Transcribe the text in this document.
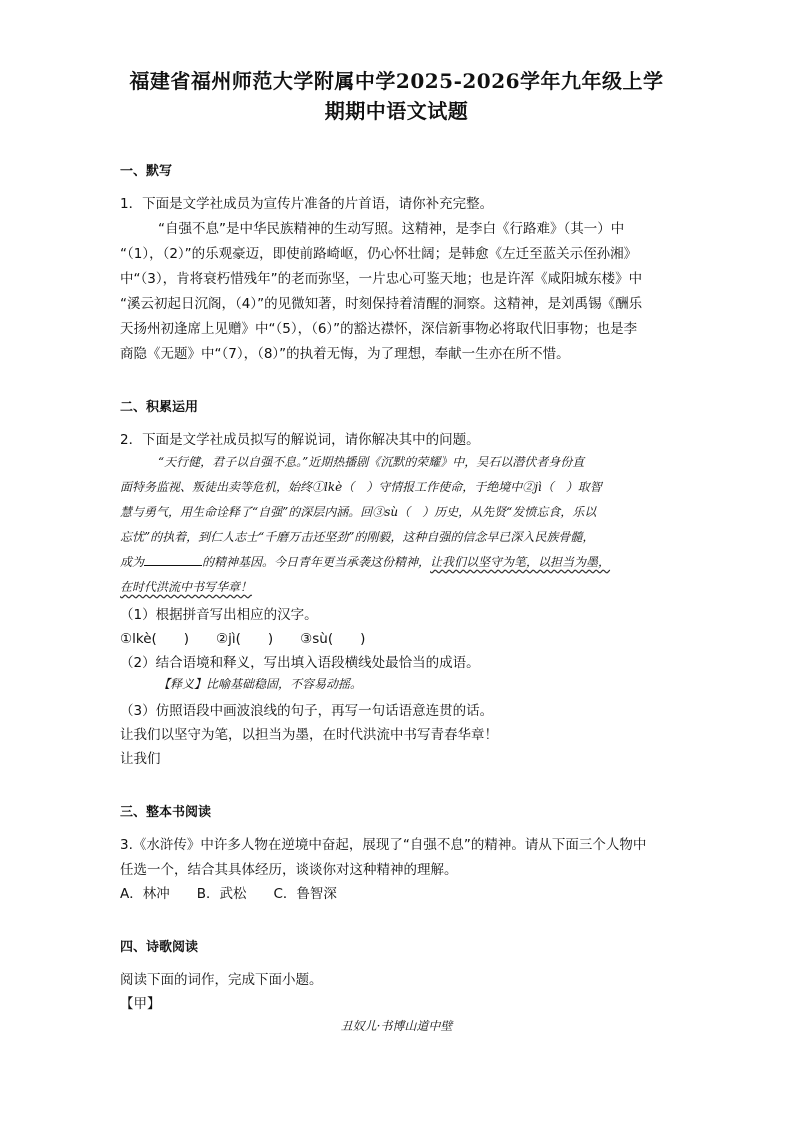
福建省福州师范大学附属中学2025-2026学年九年级上学
期期中语文试题
一、默写
1．下面是文学社成员为宣传片准备的片首语，请你补充完整。
“自强不息”是中华民族精神的生动写照。这精神，是李白《行路难》（其一）中
“（1），（2）”的乐观豪迈，即使前路崎岖，仍心怀壮阔；是韩愈《左迁至蓝关示侄孙湘》
中“（3），肯将衰朽惜残年”的老而弥坚，一片忠心可鉴天地；也是许浑《咸阳城东楼》中
“溪云初起日沉阁，（4）”的见微知著，时刻保持着清醒的洞察。这精神，是刘禹锡《酬乐
天扬州初逢席上见赠》中“（5），（6）”的豁达襟怀，深信新事物必将取代旧事物；也是李
商隐《无题》中“（7），（8）”的执着无悔，为了理想，奉献一生亦在所不惜。
二、积累运用
2．下面是文学社成员拟写的解说词，请你解决其中的问题。
“天行健，君子以自强不息。”近期热播剧《沉默的荣耀》中，吴石以潜伏者身份直
面特务监视、叛徒出卖等危机，始终①lkè（　）守情报工作使命，于绝境中②jì（　）取智
慧与勇气，用生命诠释了“自强”的深层内涵。回③sù（　）历史，从先贤“发愤忘食，乐以
忘忧”的执着，到仁人志士“千磨万击还坚劲”的刚毅，这种自强的信念早已深入民族骨髓，
成为	的精神基因。今日青年更当承袭这份精神，让我们以坚守为笔，以担当为墨，
在时代洪流中书写华章！
（1）根据拼音写出相应的汉字。
①lkè(　　)　　②jì(　　)　　③sù(　　)
（2）结合语境和释义，写出填入语段横线处最恰当的成语。
【释义】比喻基础稳固，不容易动摇。
（3）仿照语段中画波浪线的句子，再写一句话语意连贯的话。
让我们以坚守为笔，以担当为墨，在时代洪流中书写青春华章！
让我们
三、整本书阅读
3.《水浒传》中许多人物在逆境中奋起，展现了“自强不息”的精神。请从下面三个人物中
任选一个，结合其具体经历，谈谈你对这种精神的理解。
A．林冲　　B．武松　　C．鲁智深
四、诗歌阅读
阅读下面的词作，完成下面小题。
【甲】
丑奴儿·书博山道中壁
